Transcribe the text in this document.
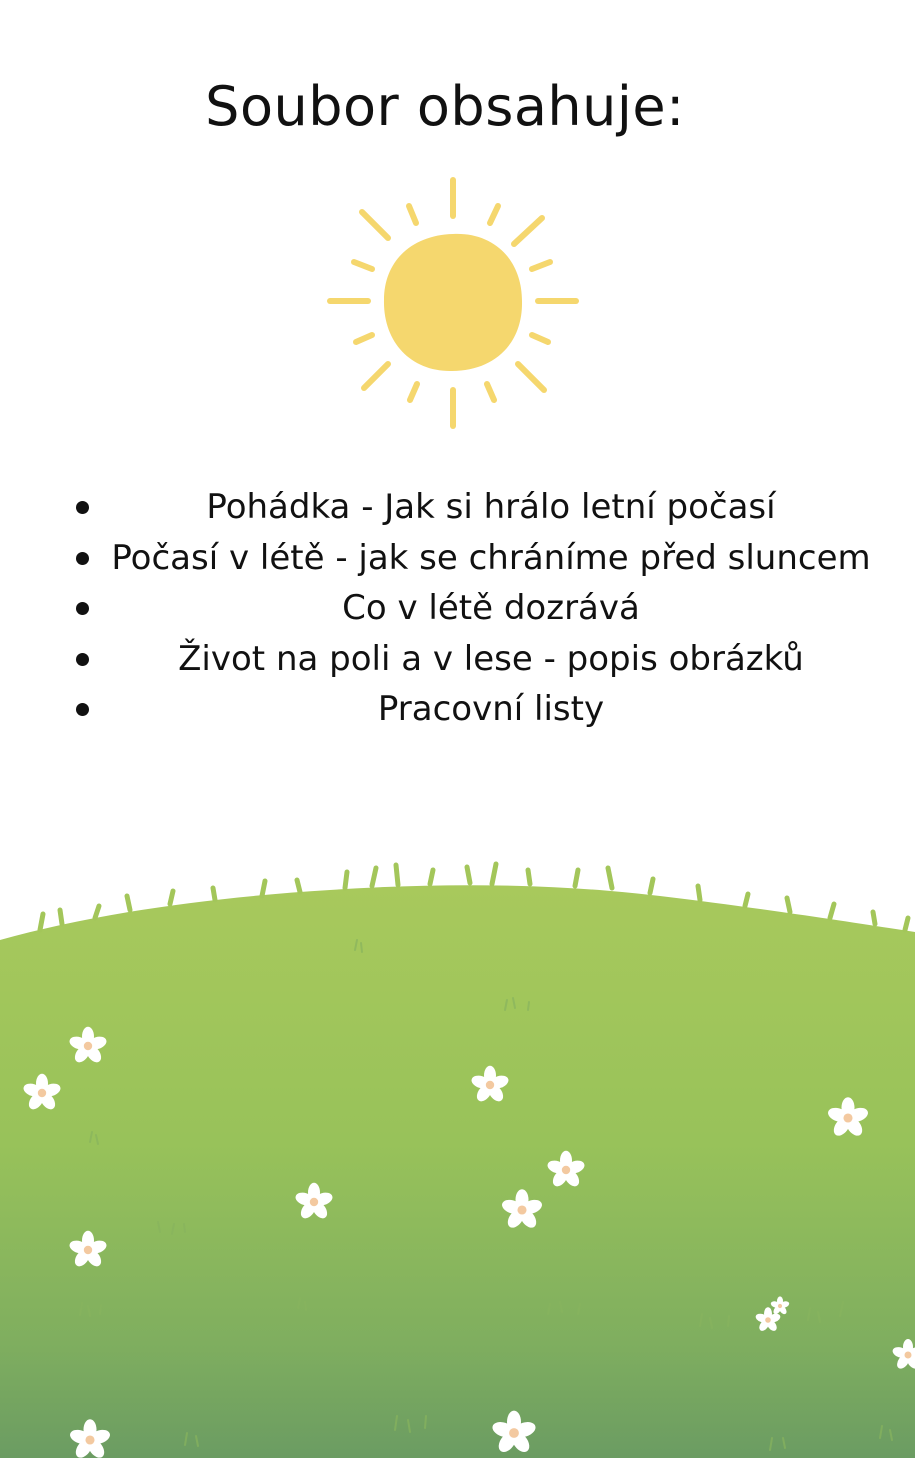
Soubor obsahuje:
Pohádka - Jak si hrálo letní počasí
Počasí v létě - jak se chráníme před sluncem
Co v létě dozrává
Život na poli a v lese - popis obrázků
Pracovní listy
